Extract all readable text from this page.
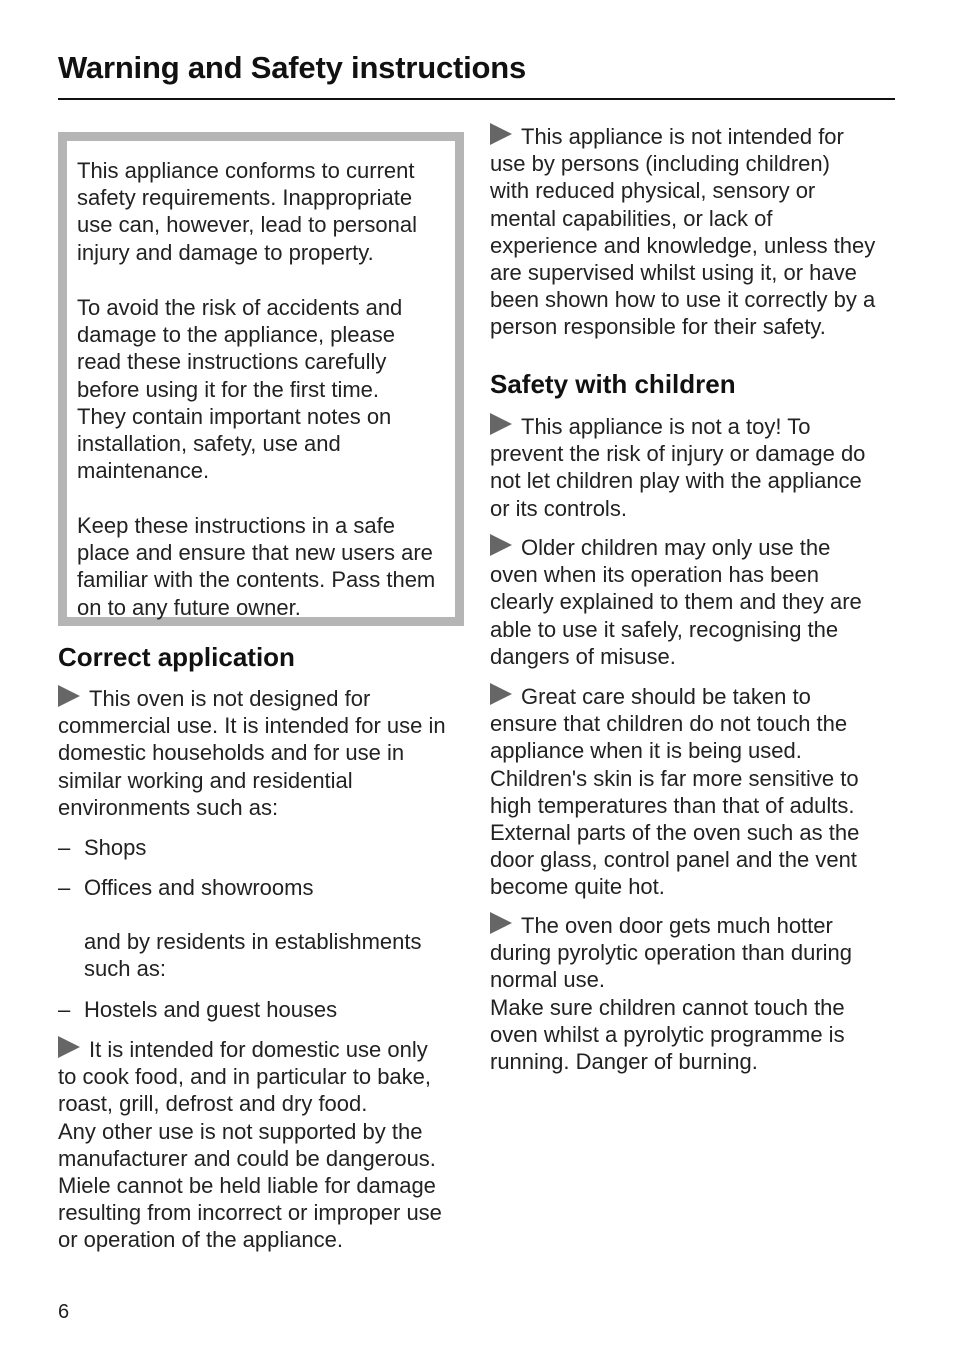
Warning and Safety instructions

This appliance conforms to current
safety requirements. Inappropriate
use can, however, lead to personal
injury and damage to property.

To avoid the risk of accidents and
damage to the appliance, please
read these instructions carefully
before using it for the first time.
They contain important notes on
installation, safety, use and
maintenance.

Keep these instructions in a safe
place and ensure that new users are
familiar with the contents. Pass them
on to any future owner.

Correct application

This oven is not designed for
commercial use. It is intended for use in
domestic households and for use in
similar working and residential
environments such as:

– Shops
– Offices and showrooms

and by residents in establishments
such as:

– Hostels and guest houses

It is intended for domestic use only
to cook food, and in particular to bake,
roast, grill, defrost and dry food.
Any other use is not supported by the
manufacturer and could be dangerous.
Miele cannot be held liable for damage
resulting from incorrect or improper use
or operation of the appliance.

This appliance is not intended for
use by persons (including children)
with reduced physical, sensory or
mental capabilities, or lack of
experience and knowledge, unless they
are supervised whilst using it, or have
been shown how to use it correctly by a
person responsible for their safety.

Safety with children

This appliance is not a toy! To
prevent the risk of injury or damage do
not let children play with the appliance
or its controls.

Older children may only use the
oven when its operation has been
clearly explained to them and they are
able to use it safely, recognising the
dangers of misuse.

Great care should be taken to
ensure that children do not touch the
appliance when it is being used.
Children's skin is far more sensitive to
high temperatures than that of adults.
External parts of the oven such as the
door glass, control panel and the vent
become quite hot.

The oven door gets much hotter
during pyrolytic operation than during
normal use.
Make sure children cannot touch the
oven whilst a pyrolytic programme is
running. Danger of burning.

6
